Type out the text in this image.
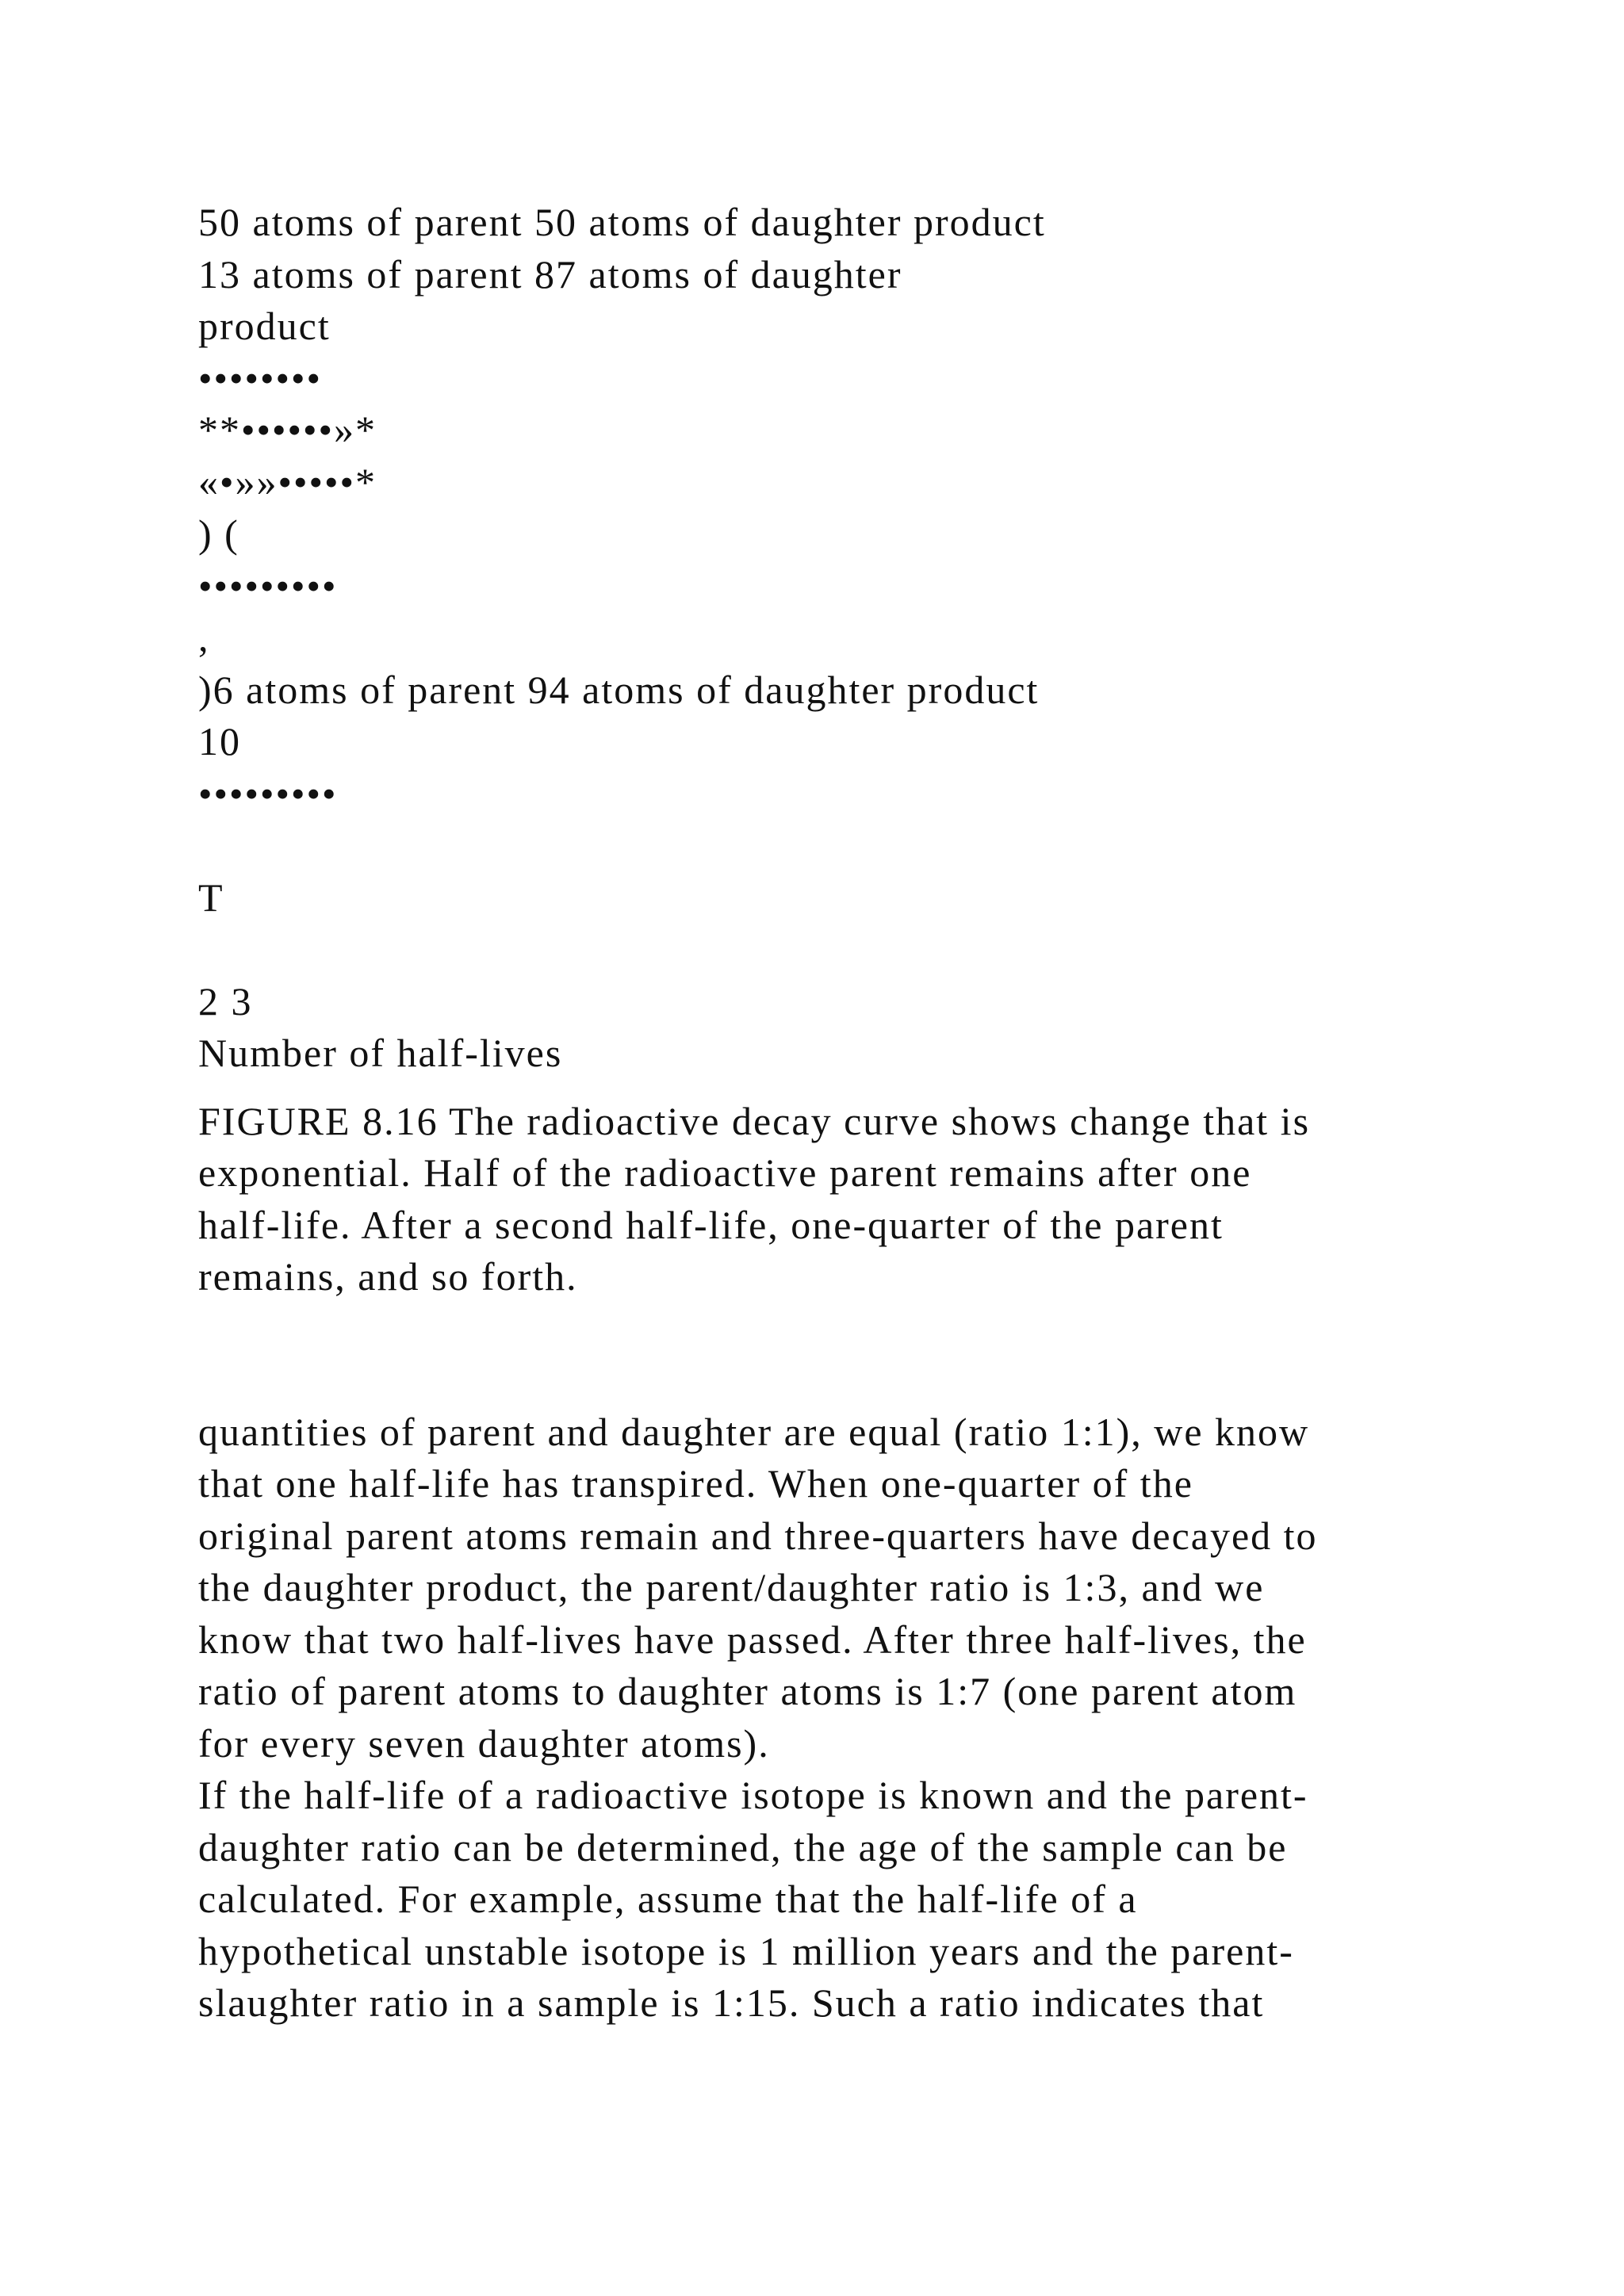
50 atoms of parent 50 atoms of daughter product
13 atoms of parent 87 atoms of daughter
product
••••••••
**••••••»*
«•»»•••••*
) (
•••••••••
,
)6 atoms of parent 94 atoms of daughter product
10
•••••••••
T
2 3
Number of half-lives
FIGURE 8.16 The radioactive decay curve shows change that is
exponential. Half of the radioactive parent remains after one
half-life. After a second half-life, one-quarter of the parent
remains, and so forth.
quantities of parent and daughter are equal (ratio 1:1), we know
that one half-life has transpired. When one-quarter of the
original parent atoms remain and three-quarters have decayed to
the daughter product, the parent/daughter ratio is 1:3, and we
know that two half-lives have passed. After three half-lives, the
ratio of parent atoms to daughter atoms is 1:7 (one parent atom
for every seven daughter atoms).
If the half-life of a radioactive isotope is known and the parent-
daughter ratio can be determined, the age of the sample can be
calculated. For example, assume that the half-life of a
hypothetical unstable isotope is 1 million years and the parent-
slaughter ratio in a sample is 1:15. Such a ratio indicates that
